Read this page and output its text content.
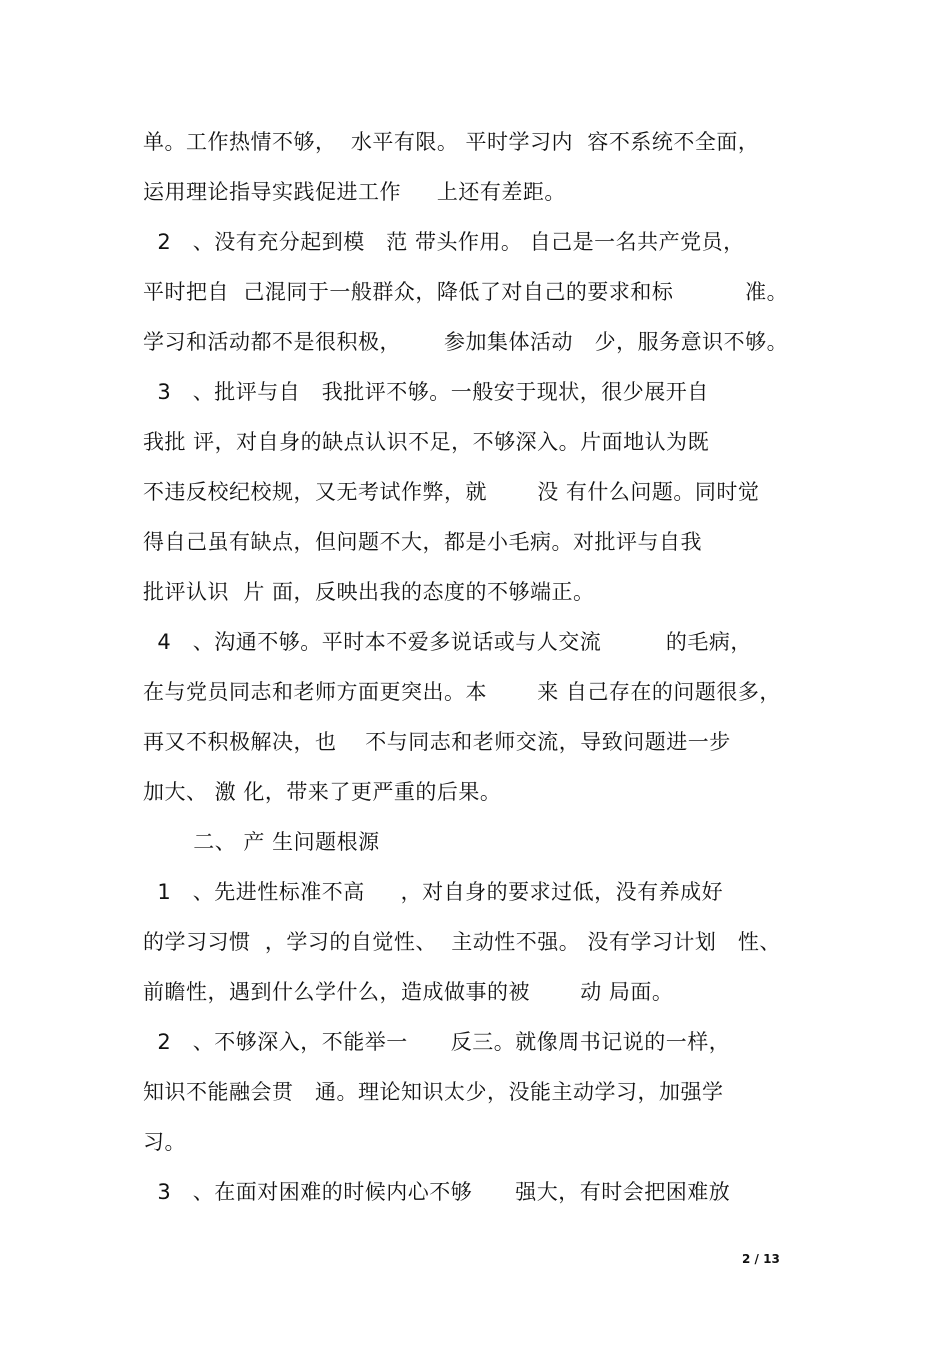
单。工作热情不够，  水平有限。 平时学习内  容不系统不全面，
运用理论指导实践促进工作     上还有差距。
2   、没有充分起到模   范 带头作用。 自己是一名共产党员，
平时把自  己混同于一般群众，降低了对自己的要求和标          准。
学习和活动都不是很积极，      参加集体活动   少，服务意识不够。
3   、批评与自   我批评不够。一般安于现状，很少展开自
我批 评，对自身的缺点认识不足，不够深入。片面地认为既
不违反校纪校规，又无考试作弊，就       没 有什么问题。同时觉
得自己虽有缺点，但问题不大，都是小毛病。对批评与自我
批评认识  片 面，反映出我的态度的不够端正。
4   、沟通不够。平时本不爱多说话或与人交流         的毛病，
在与党员同志和老师方面更突出。本       来 自己存在的问题很多，
再又不积极解决，也    不与同志和老师交流，导致问题进一步
加大、 激 化，带来了更严重的后果。
二、 产 生问题根源
1   、先进性标准不高     ，对自身的要求过低，没有养成好
的学习习惯  ，学习的自觉性、  主动性不强。 没有学习计划   性、
前瞻性，遇到什么学什么，造成做事的被       动 局面。
2   、不够深入，不能举一      反三。就像周书记说的一样，
知识不能融会贯   通。理论知识太少，没能主动学习，加强学
习。
3   、在面对困难的时候内心不够      强大，有时会把困难放
2 / 13
